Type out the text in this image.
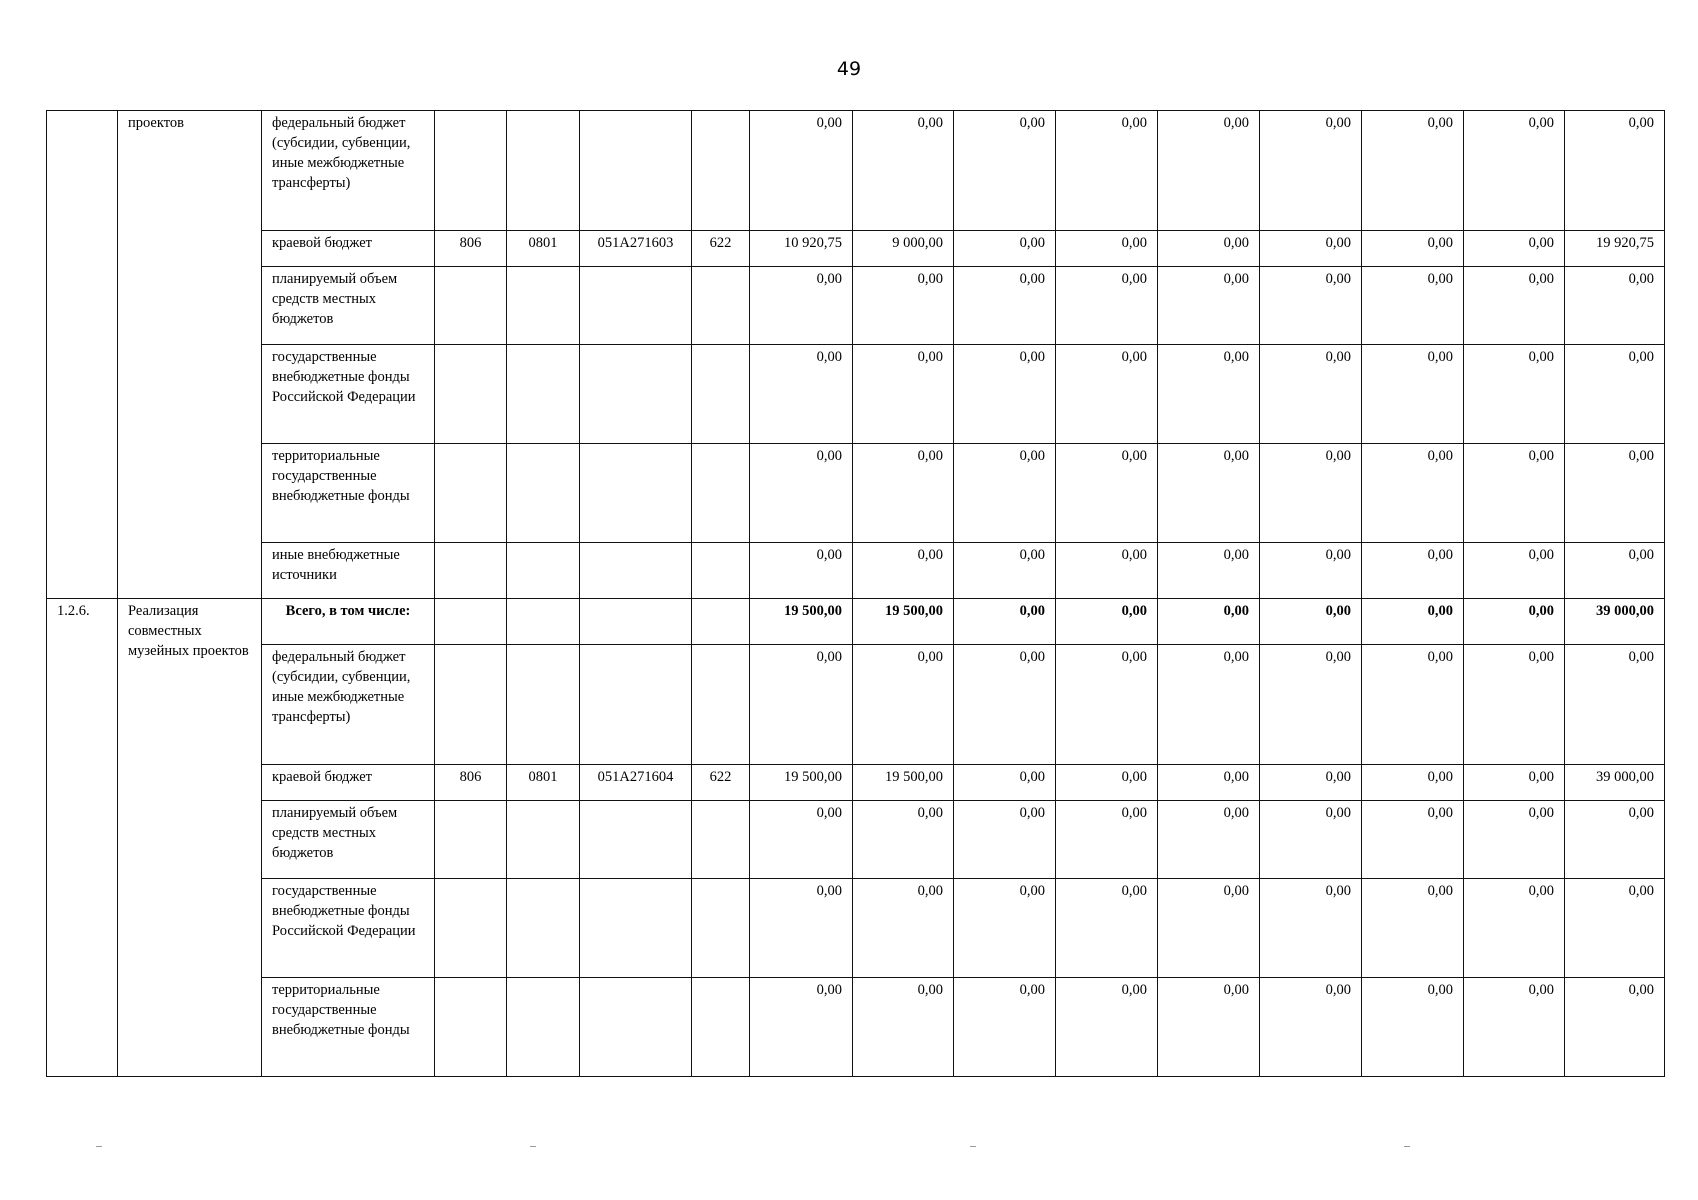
49
	проектов	федеральный бюджет (субсидии, субвенции, иные межбюджетные трансферты)					0,00	0,00	0,00	0,00	0,00	0,00	0,00	0,00	0,00
		краевой бюджет	806	0801	051A271603	622	10 920,75	9 000,00	0,00	0,00	0,00	0,00	0,00	0,00	19 920,75
		планируемый объем средств местных бюджетов					0,00	0,00	0,00	0,00	0,00	0,00	0,00	0,00	0,00
		государственные внебюджетные фонды Российской Федерации					0,00	0,00	0,00	0,00	0,00	0,00	0,00	0,00	0,00
		территориальные государственные внебюджетные фонды					0,00	0,00	0,00	0,00	0,00	0,00	0,00	0,00	0,00
		иные внебюджетные источники					0,00	0,00	0,00	0,00	0,00	0,00	0,00	0,00	0,00
1.2.6.	Реализация совместных музейных проектов	Всего, в том числе:					19 500,00	19 500,00	0,00	0,00	0,00	0,00	0,00	0,00	39 000,00
		федеральный бюджет (субсидии, субвенции, иные межбюджетные трансферты)					0,00	0,00	0,00	0,00	0,00	0,00	0,00	0,00	0,00
		краевой бюджет	806	0801	051A271604	622	19 500,00	19 500,00	0,00	0,00	0,00	0,00	0,00	0,00	39 000,00
		планируемый объем средств местных бюджетов					0,00	0,00	0,00	0,00	0,00	0,00	0,00	0,00	0,00
		государственные внебюджетные фонды Российской Федерации					0,00	0,00	0,00	0,00	0,00	0,00	0,00	0,00	0,00
		территориальные государственные внебюджетные фонды					0,00	0,00	0,00	0,00	0,00	0,00	0,00	0,00	0,00
